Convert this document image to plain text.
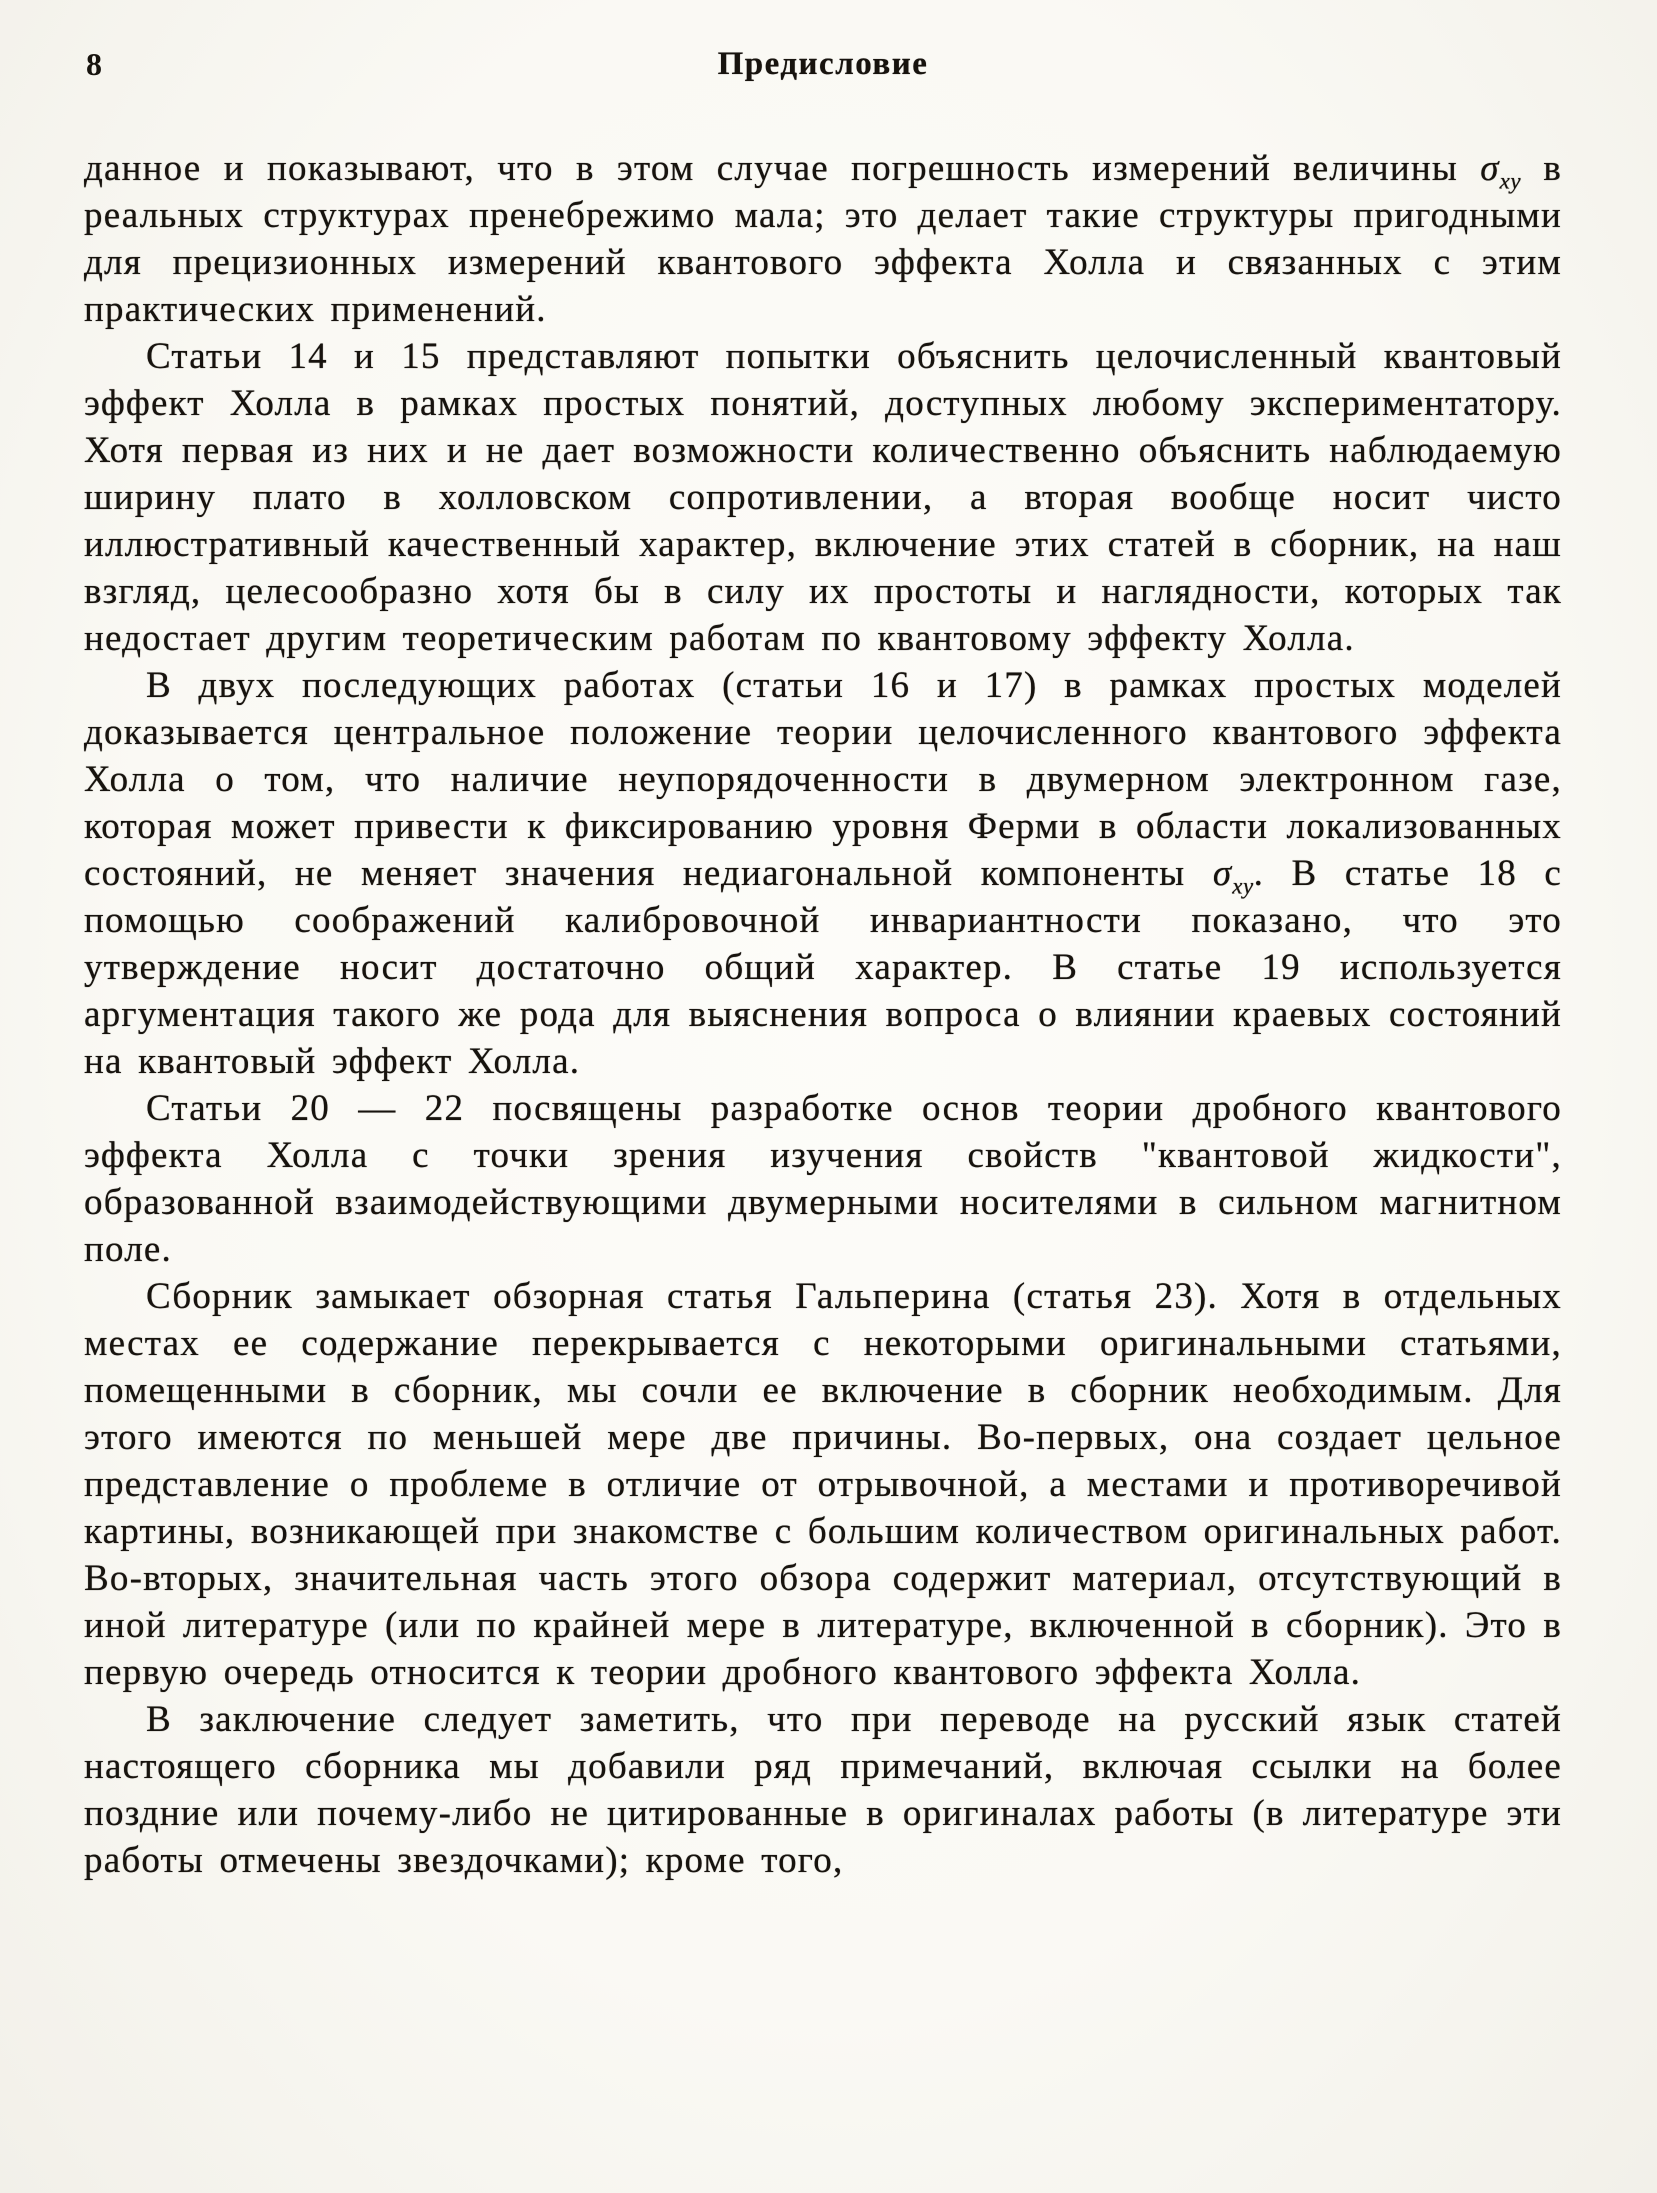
8	Предисловие

данное и показывают, что в этом случае погрешность измерений величины $\sigma_{xy}$ в реальных структурах пренебрежимо мала; это делает такие структуры пригодными для прецизионных измерений квантового эффекта Холла и связанных с этим практических применений.

Статьи 14 и 15 представляют попытки объяснить целочисленный квантовый эффект Холла в рамках простых понятий, доступных любому экспериментатору. Хотя первая из них и не дает возможности количественно объяснить наблюдаемую ширину плато в холловском сопротивлении, а вторая вообще носит чисто иллюстративный качественный характер, включение этих статей в сборник, на наш взгляд, целесообразно хотя бы в силу их простоты и наглядности, которых так недостает другим теоретическим работам по квантовому эффекту Холла.

В двух последующих работах (статьи 16 и 17) в рамках простых моделей доказывается центральное положение теории целочисленного квантового эффекта Холла о том, что наличие неупорядоченности в двумерном электронном газе, которая может привести к фиксированию уровня Ферми в области локализованных состояний, не меняет значения недиагональной компоненты $\sigma_{xy}$. В статье 18 с помощью соображений калибровочной инвариантности показано, что это утверждение носит достаточно общий характер. В статье 19 используется аргументация такого же рода для выяснения вопроса о влиянии краевых состояний на квантовый эффект Холла.

Статьи 20 — 22 посвящены разработке основ теории дробного квантового эффекта Холла с точки зрения изучения свойств "квантовой жидкости", образованной взаимодействующими двумерными носителями в сильном магнитном поле.

Сборник замыкает обзорная статья Гальперина (статья 23). Хотя в отдельных местах ее содержание перекрывается с некоторыми оригинальными статьями, помещенными в сборник, мы сочли ее включение в сборник необходимым. Для этого имеются по меньшей мере две причины. Во-первых, она создает цельное представление о проблеме в отличие от отрывочной, а местами и противоречивой картины, возникающей при знакомстве с большим количеством оригинальных работ. Во-вторых, значительная часть этого обзора содержит материал, отсутствующий в иной литературе (или по крайней мере в литературе, включенной в сборник). Это в первую очередь относится к теории дробного квантового эффекта Холла.

В заключение следует заметить, что при переводе на русский язык статей настоящего сборника мы добавили ряд примечаний, включая ссылки на более поздние или почему-либо не цитированные в оригиналах работы (в литературе эти работы отмечены звездочками); кроме того,
